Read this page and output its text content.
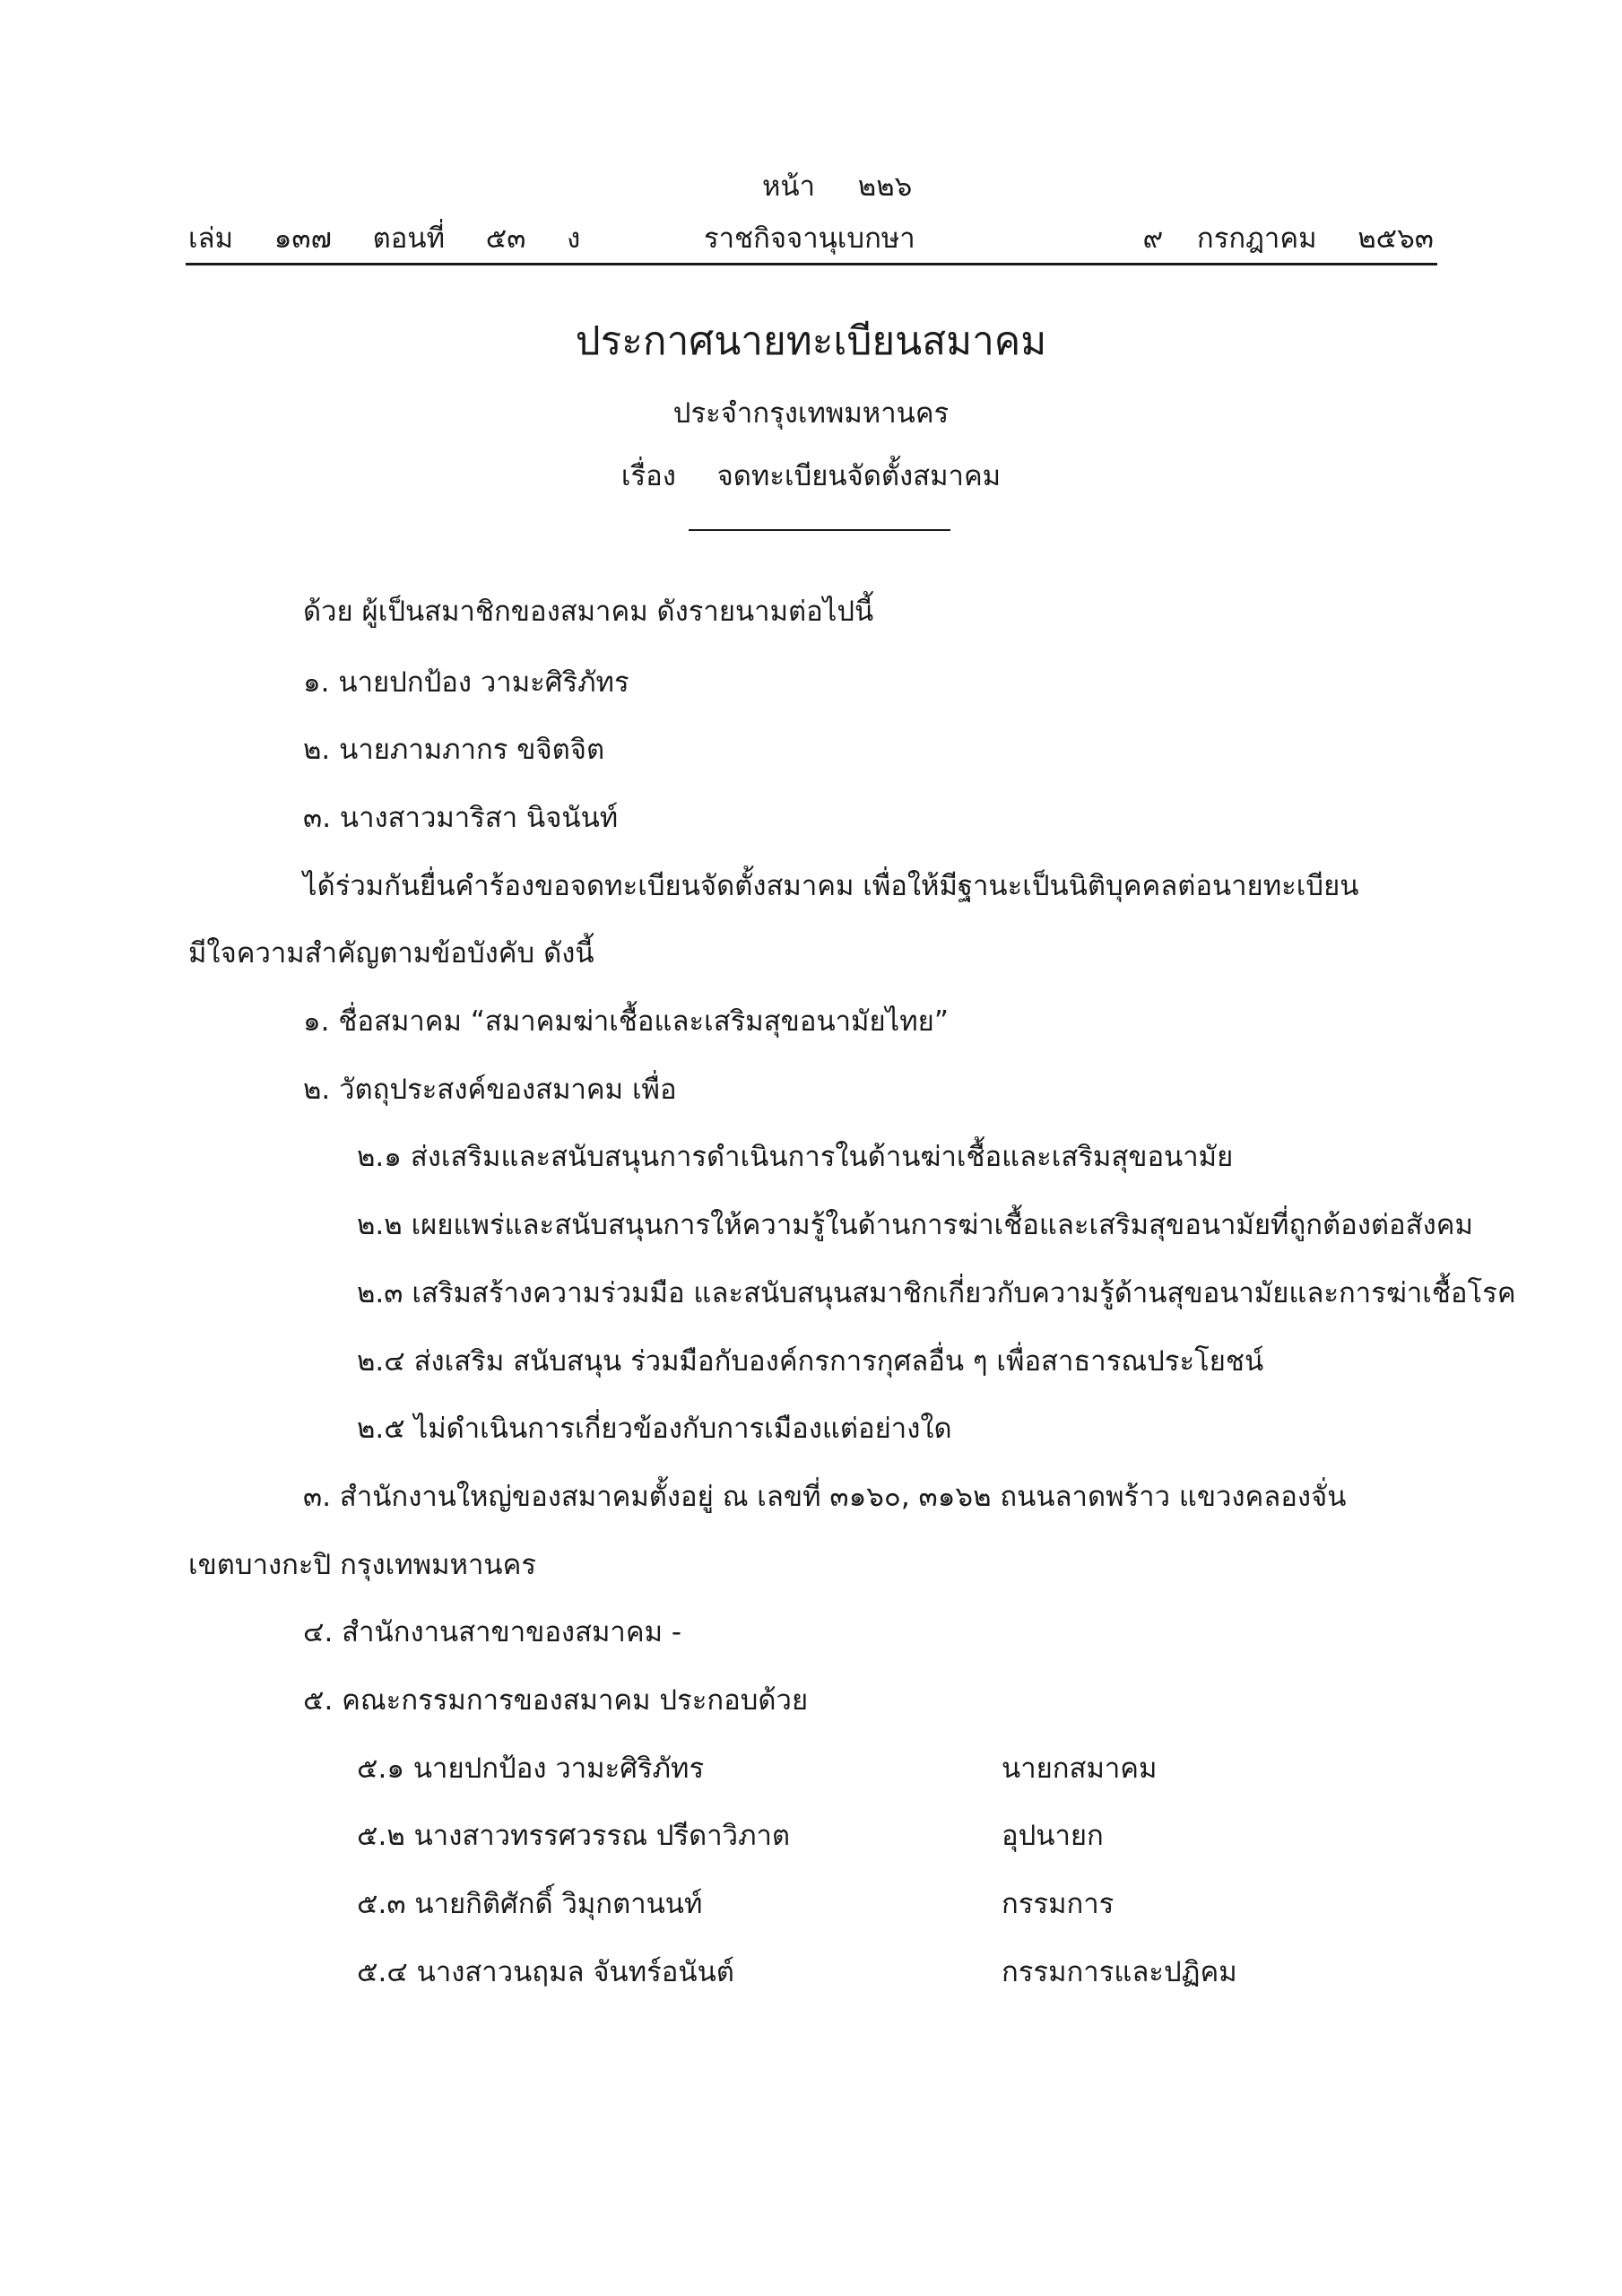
หน้า ๒๒๖
เล่ม ๑๓๗ ตอนที่ ๕๓ ง	ราชกิจจานุเบกษา	๙ กรกฎาคม ๒๕๖๓
ประกาศนายทะเบียนสมาคม
ประจำกรุงเทพมหานคร
เรื่อง จดทะเบียนจัดตั้งสมาคม
ด้วย ผู้เป็นสมาชิกของสมาคม ดังรายนามต่อไปนี้
๑. นายปกป้อง วามะศิริภัทร
๒. นายภามภากร ขจิตจิต
๓. นางสาวมาริสา นิจนันท์
ได้ร่วมกันยื่นคำร้องขอจดทะเบียนจัดตั้งสมาคม เพื่อให้มีฐานะเป็นนิติบุคคลต่อนายทะเบียน
มีใจความสำคัญตามข้อบังคับ ดังนี้
๑. ชื่อสมาคม “สมาคมฆ่าเชื้อและเสริมสุขอนามัยไทย”
๒. วัตถุประสงค์ของสมาคม เพื่อ
๒.๑ ส่งเสริมและสนับสนุนการดำเนินการในด้านฆ่าเชื้อและเสริมสุขอนามัย
๒.๒ เผยแพร่และสนับสนุนการให้ความรู้ในด้านการฆ่าเชื้อและเสริมสุขอนามัยที่ถูกต้องต่อสังคม
๒.๓ เสริมสร้างความร่วมมือ และสนับสนุนสมาชิกเกี่ยวกับความรู้ด้านสุขอนามัยและการฆ่าเชื้อโรค
๒.๔ ส่งเสริม สนับสนุน ร่วมมือกับองค์กรการกุศลอื่น ๆ เพื่อสาธารณประโยชน์
๒.๕ ไม่ดำเนินการเกี่ยวข้องกับการเมืองแต่อย่างใด
๓. สำนักงานใหญ่ของสมาคมตั้งอยู่ ณ เลขที่ ๓๑๖๐, ๓๑๖๒ ถนนลาดพร้าว แขวงคลองจั่น
เขตบางกะปิ กรุงเทพมหานคร
๔. สำนักงานสาขาของสมาคม -
๕. คณะกรรมการของสมาคม ประกอบด้วย
๕.๑ นายปกป้อง วามะศิริภัทร	นายกสมาคม
๕.๒ นางสาวทรรศวรรณ ปรีดาวิภาต	อุปนายก
๕.๓ นายกิติศักดิ์ วิมุกตานนท์	กรรมการ
๕.๔ นางสาวนฤมล จันทร์อนันต์	กรรมการและปฏิคม
